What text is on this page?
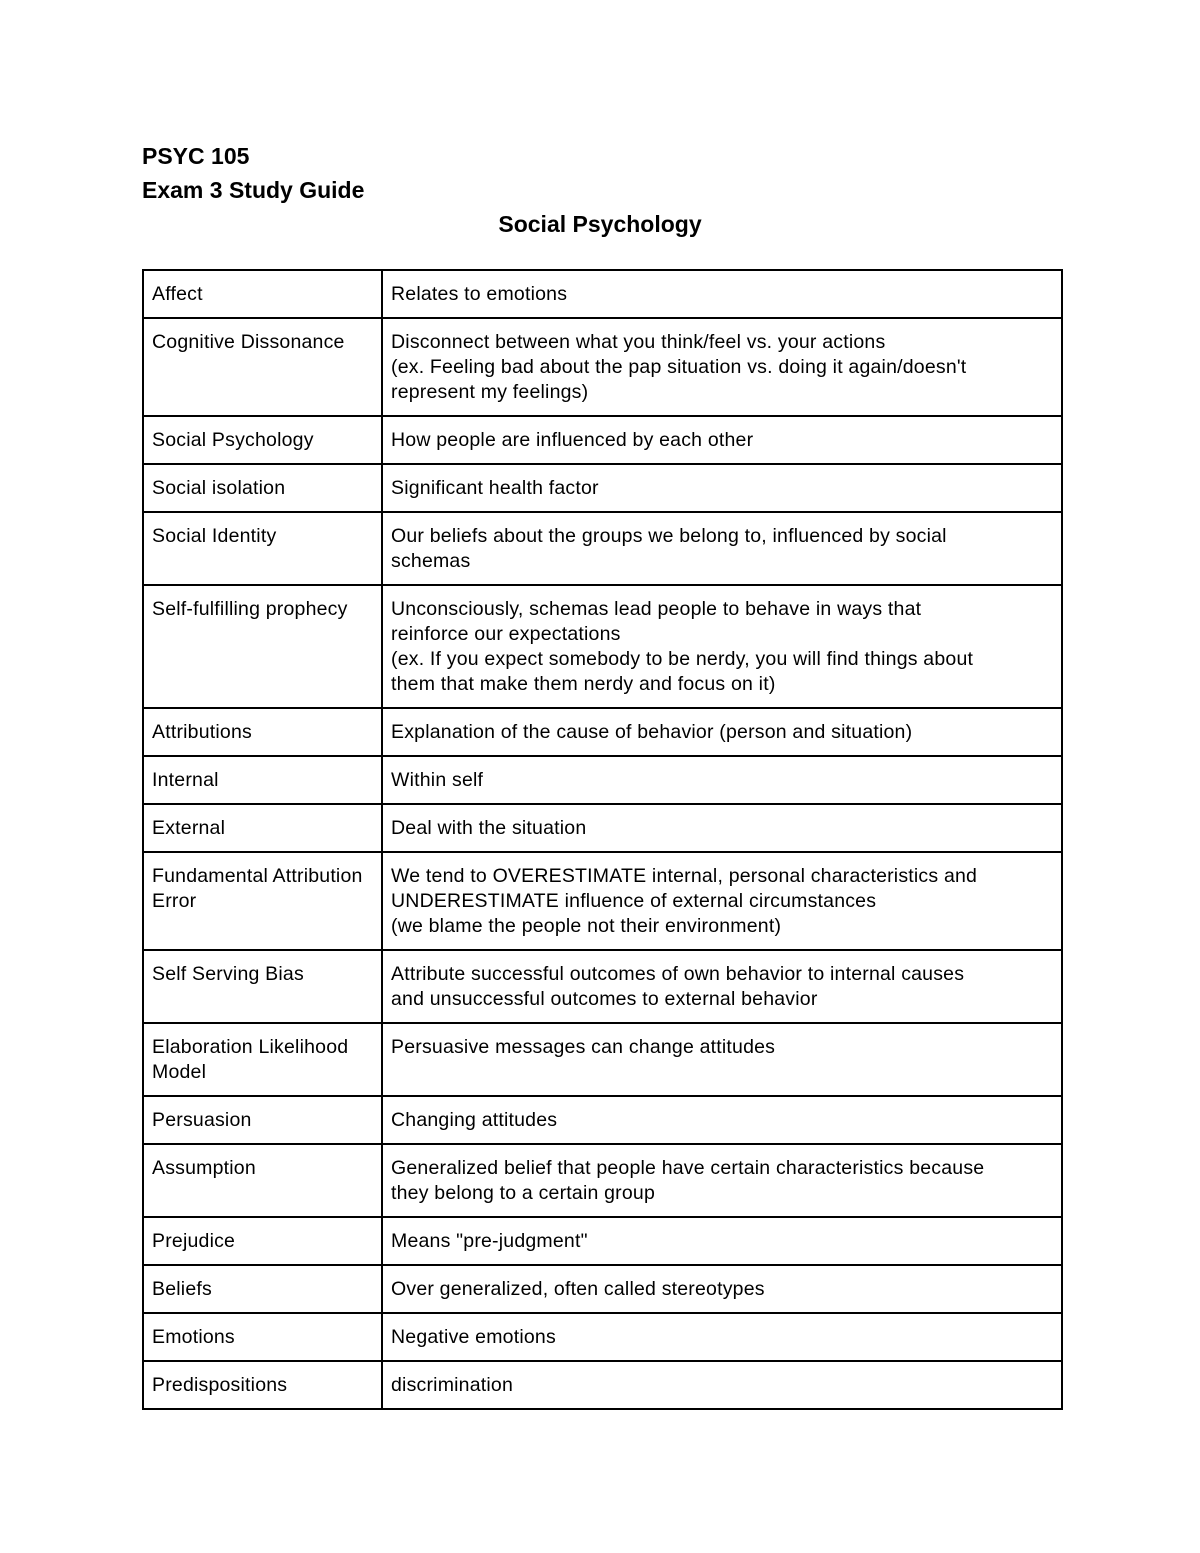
PSYC 105
Exam 3 Study Guide
Social Psychology
Affect	Relates to emotions

Cognitive Dissonance	Disconnect between what you think/feel vs. your actions
(ex. Feeling bad about the pap situation vs. doing it again/doesn't
represent my feelings)

Social Psychology	How people are influenced by each other

Social isolation	Significant health factor

Social Identity	Our beliefs about the groups we belong to, influenced by social
schemas

Self-fulfilling prophecy	Unconsciously, schemas lead people to behave in ways that
reinforce our expectations
(ex. If you expect somebody to be nerdy, you will find things about
them that make them nerdy and focus on it)

Attributions	Explanation of the cause of behavior (person and situation)

Internal	Within self

External	Deal with the situation

Fundamental Attribution Error	We tend to OVERESTIMATE internal, personal characteristics and
UNDERESTIMATE influence of external circumstances
(we blame the people not their environment)

Self Serving Bias	Attribute successful outcomes of own behavior to internal causes
and unsuccessful outcomes to external behavior

Elaboration Likelihood Model	Persuasive messages can change attitudes

Persuasion	Changing attitudes

Assumption	Generalized belief that people have certain characteristics because
they belong to a certain group

Prejudice	Means "pre-judgment"

Beliefs	Over generalized, often called stereotypes

Emotions	Negative emotions

Predispositions	discrimination
